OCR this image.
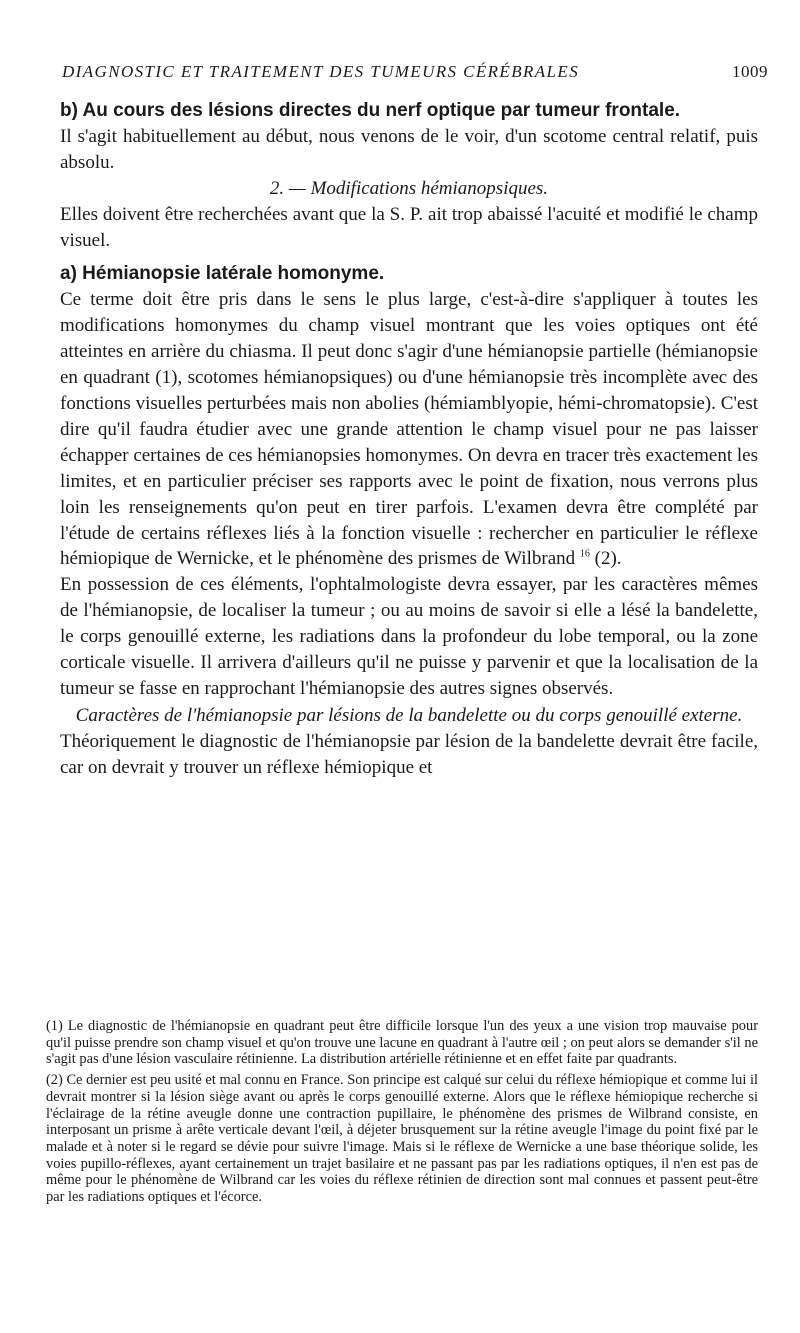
DIAGNOSTIC ET TRAITEMENT DES TUMEURS CÉRÉBRALES	1009

b) Au cours des lésions directes du nerf optique par tumeur frontale.

Il s'agit habituellement au début, nous venons de le voir, d'un scotome central relatif, puis absolu.

2. — Modifications hémianopsiques.

Elles doivent être recherchées avant que la S. P. ait trop abaissé l'acuité et modifié le champ visuel.

a) Hémianopsie latérale homonyme.

Ce terme doit être pris dans le sens le plus large, c'est-à-dire s'appliquer à toutes les modifications homonymes du champ visuel montrant que les voies optiques ont été atteintes en arrière du chiasma. Il peut donc s'agir d'une hémianopsie partielle (hémianopsie en quadrant (1), scotomes hémianopsiques) ou d'une hémianopsie très incomplète avec des fonctions visuelles perturbées mais non abolies (hémiamblyopie, hémi-chromatopsie). C'est dire qu'il faudra étudier avec une grande attention le champ visuel pour ne pas laisser échapper certaines de ces hémianopsies homonymes. On devra en tracer très exactement les limites, et en particulier préciser ses rapports avec le point de fixation, nous verrons plus loin les renseignements qu'on peut en tirer parfois. L'examen devra être complété par l'étude de certains réflexes liés à la fonction visuelle : rechercher en particulier le réflexe hémiopique de Wernicke, et le phénomène des prismes de Wilbrand $^{16}$ (2).

En possession de ces éléments, l'ophtalmologiste devra essayer, par les caractères mêmes de l'hémianopsie, de localiser la tumeur ; ou au moins de savoir si elle a lésé la bandelette, le corps genouillé externe, les radiations dans la profondeur du lobe temporal, ou la zone corticale visuelle. Il arrivera d'ailleurs qu'il ne puisse y parvenir et que la localisation de la tumeur se fasse en rapprochant l'hémianopsie des autres signes observés.

Caractères de l'hémianopsie par lésions de la bandelette ou du corps genouillé externe.

Théoriquement le diagnostic de l'hémianopsie par lésion de la bandelette devrait être facile, car on devrait y trouver un réflexe hémiopique et

(1) Le diagnostic de l'hémianopsie en quadrant peut être difficile lorsque l'un des yeux a une vision trop mauvaise pour qu'il puisse prendre son champ visuel et qu'on trouve une lacune en quadrant à l'autre œil ; on peut alors se demander s'il ne s'agit pas d'une lésion vasculaire rétinienne. La distribution artérielle rétinienne et en effet faite par quadrants.

(2) Ce dernier est peu usité et mal connu en France. Son principe est calqué sur celui du réflexe hémiopique et comme lui il devrait montrer si la lésion siège avant ou après le corps genouillé externe. Alors que le réflexe hémiopique recherche si l'éclairage de la rétine aveugle donne une contraction pupillaire, le phénomène des prismes de Wilbrand consiste, en interposant un prisme à arête verticale devant l'œil, à déjeter brusquement sur la rétine aveugle l'image du point fixé par le malade et à noter si le regard se dévie pour suivre l'image. Mais si le réflexe de Wernicke a une base théorique solide, les voies pupillo-réflexes, ayant certainement un trajet basilaire et ne passant pas par les radiations optiques, il n'en est pas de même pour le phénomène de Wilbrand car les voies du réflexe rétinien de direction sont mal connues et passent peut-être par les radiations optiques et l'écorce.
